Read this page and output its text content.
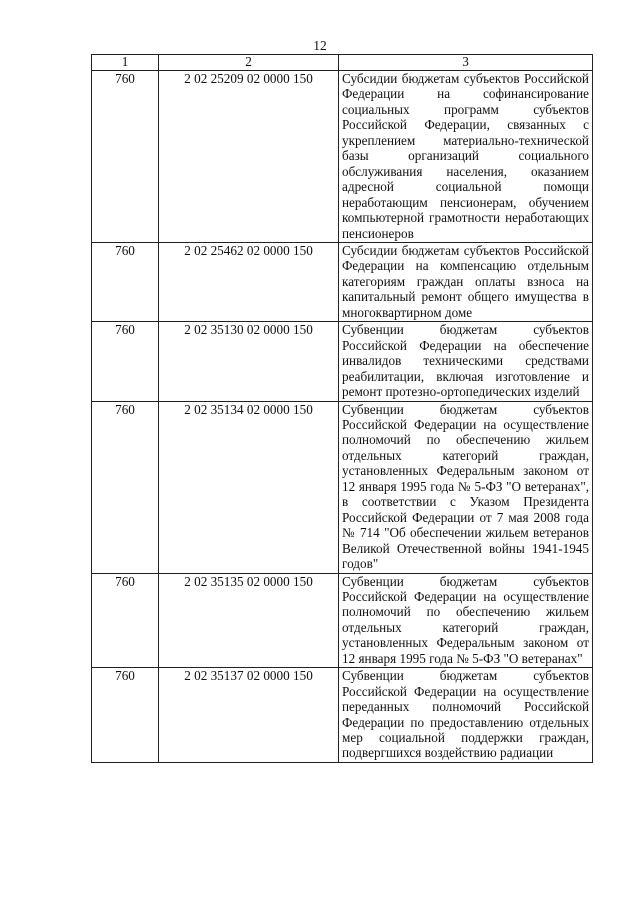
12
1	2	3
760	2 02 25209 02 0000 150	Субсидии бюджетам субъектов Российской Федерации на софинансирование социальных программ субъектов Российской Федерации, связанных с укреплением материально-технической базы организаций социального обслуживания населения, оказанием адресной социальной помощи неработающим пенсионерам, обучением компьютерной грамотности неработающих пенсионеров
760	2 02 25462 02 0000 150	Субсидии бюджетам субъектов Российской Федерации на компенсацию отдельным категориям граждан оплаты взноса на капитальный ремонт общего имущества в многоквартирном доме
760	2 02 35130 02 0000 150	Субвенции бюджетам субъектов Российской Федерации на обеспечение инвалидов техническими средствами реабилитации, включая изготовление и ремонт протезно-ортопедических изделий
760	2 02 35134 02 0000 150	Субвенции бюджетам субъектов Российской Федерации на осуществление полномочий по обеспечению жильем отдельных категорий граждан, установленных Федеральным законом от 12 января 1995 года № 5-ФЗ "О ветеранах", в соответствии с Указом Президента Российской Федерации от 7 мая 2008 года № 714 "Об обеспечении жильем ветеранов Великой Отечественной войны 1941-1945 годов"
760	2 02 35135 02 0000 150	Субвенции бюджетам субъектов Российской Федерации на осуществление полномочий по обеспечению жильем отдельных категорий граждан, установленных Федеральным законом от 12 января 1995 года № 5-ФЗ "О ветеранах"
760	2 02 35137 02 0000 150	Субвенции бюджетам субъектов Российской Федерации на осуществление переданных полномочий Российской Федерации по предоставлению отдельных мер социальной поддержки граждан, подвергшихся воздействию радиации
